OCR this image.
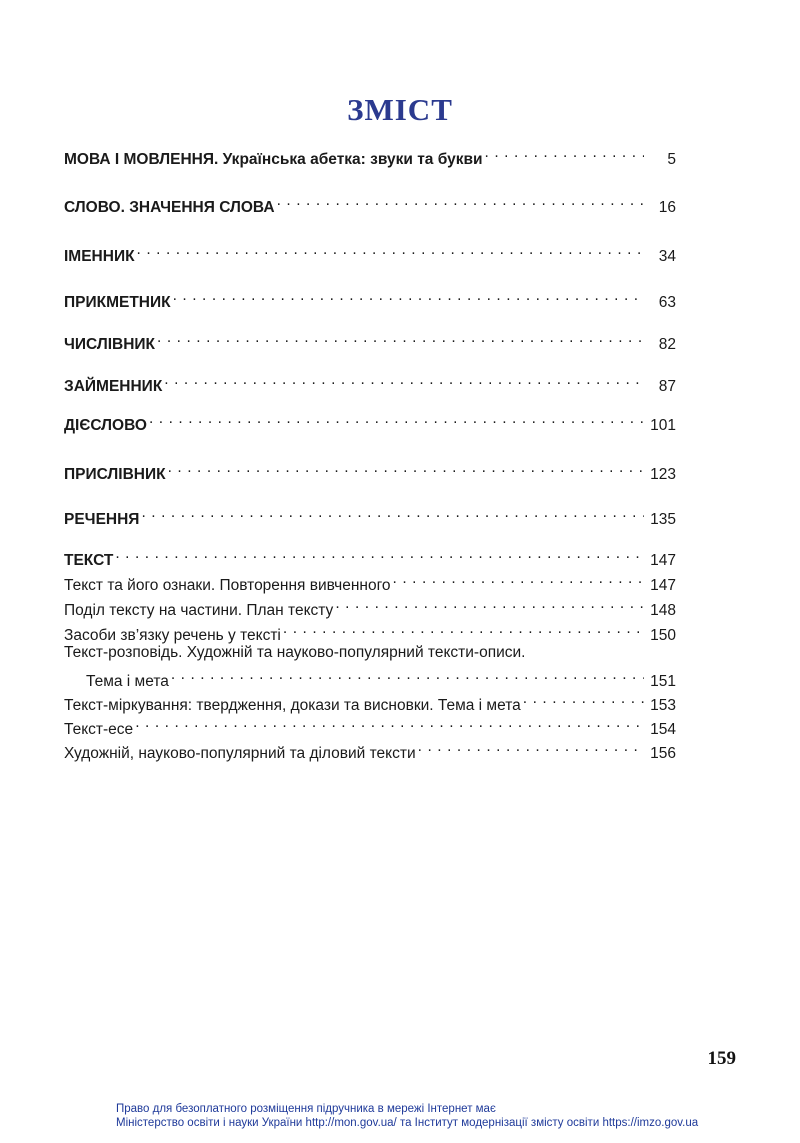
ЗМІСТ
МОВА І МОВЛЕННЯ. Українська абетка: звуки та букви . . .	5
СЛОВО. ЗНАЧЕННЯ СЛОВА . . .	16
ІМЕННИК . . .	34
ПРИКМЕТНИК . . .	63
ЧИСЛІВНИК . . .	82
ЗАЙМЕННИК . . .	87
ДІЄСЛОВО . . .	101
ПРИСЛІВНИК . . .	123
РЕЧЕННЯ . . .	135
ТЕКСТ . . .	147
Текст та його ознаки. Повторення вивченного . . .	147
Поділ тексту на частини. План тексту . . .	148
Засоби зв’язку речень у тексті . . .	150
Текст-розповідь. Художній та науково-популярний тексти-описи.
Тема і мета . . .	151
Текст-міркування: твердження, докази та висновки. Тема і мета . . .	153
Текст-есе . . .	154
Художній, науково-популярний та діловий тексти . . .	156
159
Право для безоплатного розміщення підручника в мережі Інтернет має
Міністерство освіти і науки України http://mon.gov.ua/ та Інститут модернізації змісту освіти https://imzo.gov.ua
